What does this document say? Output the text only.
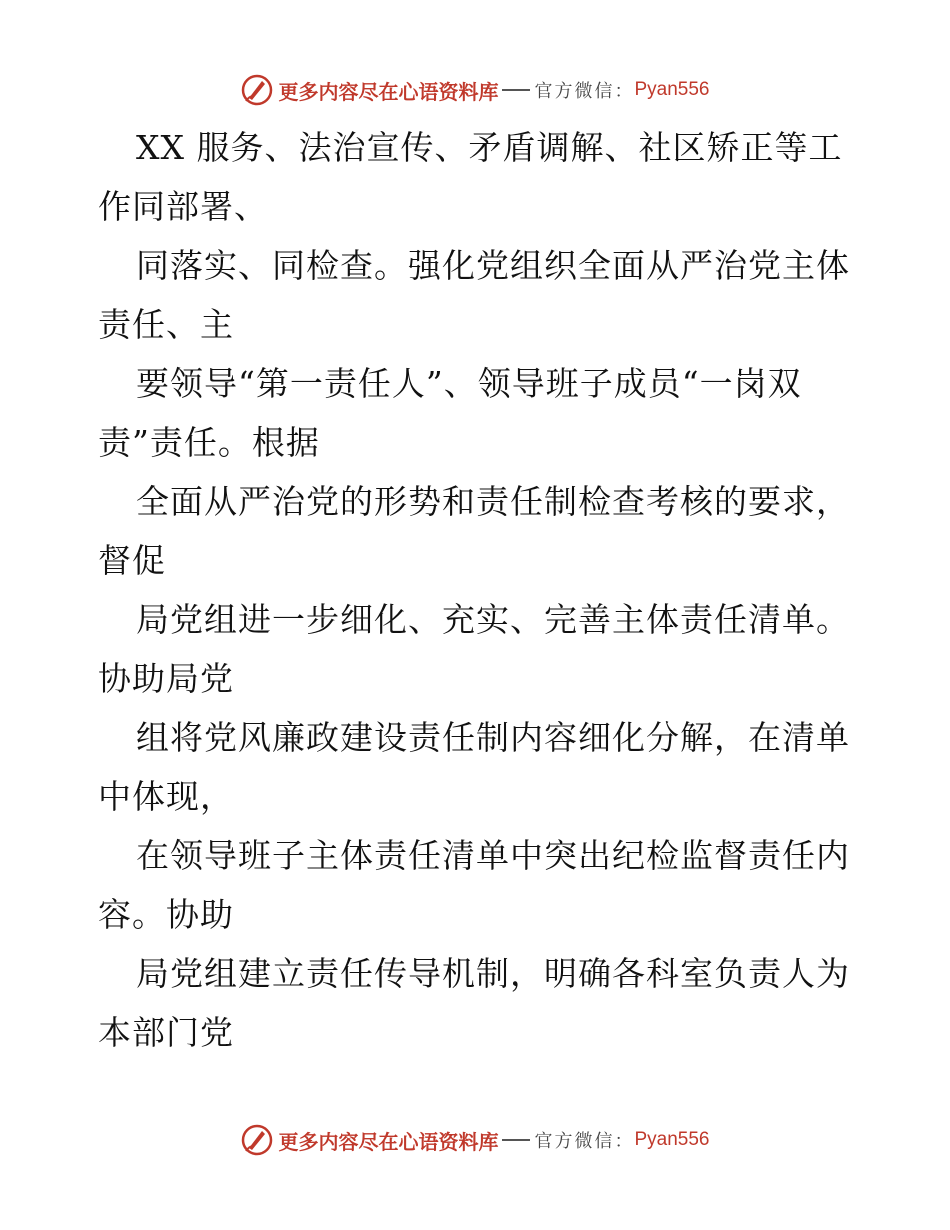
更多内容尽在心语资料库 官方微信： Pyan556
XX 服务、法治宣传、矛盾调解、社区矫正等工
作同部署、
同落实、同检查。强化党组织全面从严治党主体
责任、主
要领导“第一责任人”、领导班子成员“一岗双
责”责任。根据
全面从严治党的形势和责任制检查考核的要求，
督促
局党组进一步细化、充实、完善主体责任清单。
协助局党
组将党风廉政建设责任制内容细化分解，在清单
中体现，
在领导班子主体责任清单中突出纪检监督责任内
容。协助
局党组建立责任传导机制，明确各科室负责人为
本部门党
更多内容尽在心语资料库 官方微信： Pyan556
